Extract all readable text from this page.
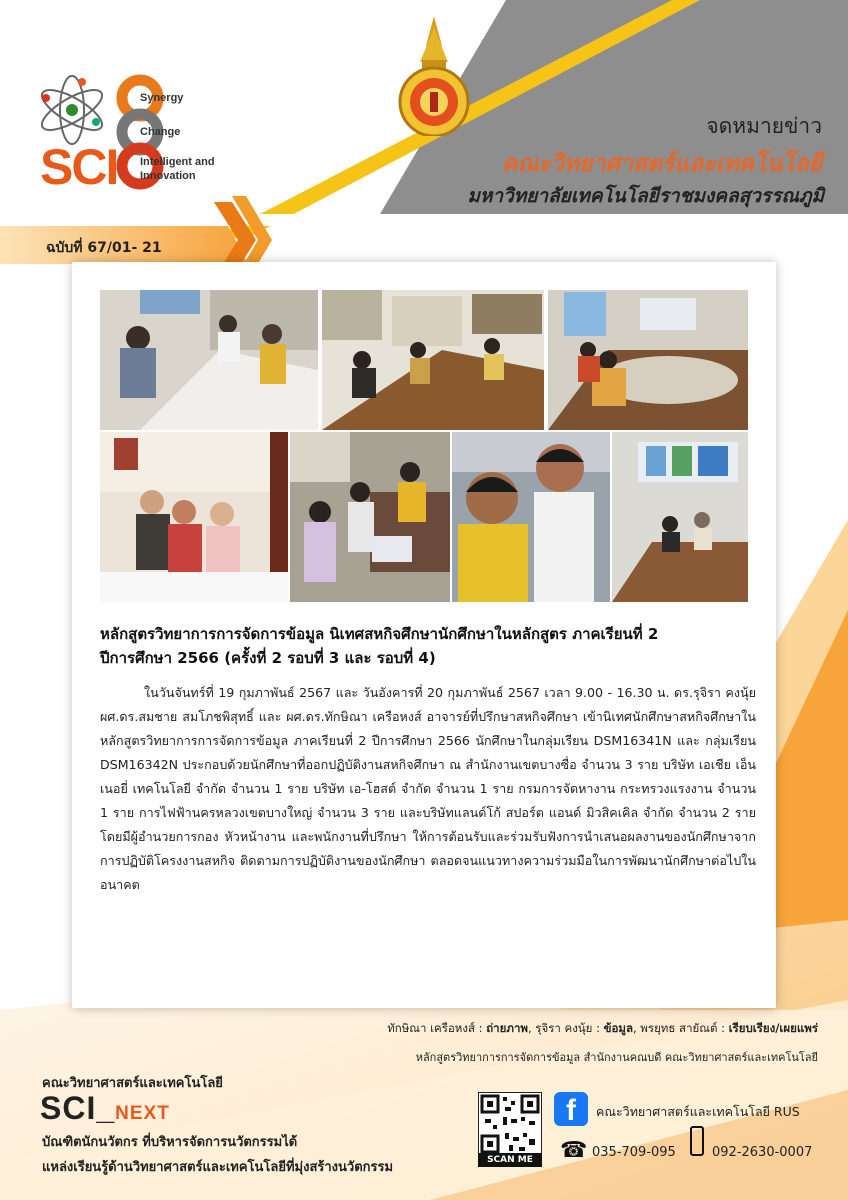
SCI
Synergy
Change
Intelligent and
Innovation
จดหมายข่าว
คณะวิทยาศาสตร์และเทคโนโลยี
มหาวิทยาลัยเทคโนโลยีราชมงคลสุวรรณภูมิ
ฉบับที่ 67/01- 21
หลักสูตรวิทยาการการจัดการข้อมูล นิเทศสหกิจศึกษานักศึกษาในหลักสูตร ภาคเรียนที่ 2
ปีการศึกษา 2566 (ครั้งที่ 2 รอบที่ 3 และ รอบที่ 4)
ในวันจันทร์ที่ 19 กุมภาพันธ์ 2567 และ วันอังคารที่ 20 กุมภาพันธ์ 2567 เวลา 9.00 - 16.30 น. ดร.รุจิรา คงนุ้ย ผศ.ดร.สมชาย สมโภชพิสุทธิ์ และ ผศ.ดร.ทักษิณา เครือหงส์ อาจารย์ที่ปรึกษาสหกิจศึกษา เข้านิเทศนักศึกษาสหกิจศึกษาในหลักสูตรวิทยาการการจัดการข้อมูล ภาคเรียนที่ 2 ปีการศึกษา 2566 นักศึกษาในกลุ่มเรียน DSM16341N และ กลุ่มเรียน DSM16342N ประกอบด้วยนักศึกษาที่ออกปฏิบัติงานสหกิจศึกษา ณ สำนักงานเขตบางซื่อ จำนวน 3 ราย บริษัท เอเชีย เอ็นเนอยี่ เทคโนโลยี จำกัด จำนวน 1 ราย บริษัท เอ-โฮสต์ จำกัด จำนวน 1 ราย กรมการจัดหางาน กระทรวงแรงงาน จำนวน 1 ราย การไฟฟ้านครหลวงเขตบางใหญ่ จำนวน 3 ราย และบริษัทแลนด์โก้ สปอร์ต แอนด์ มิวสิคเคิล จำกัด จำนวน 2 ราย โดยมีผู้อำนวยการกอง หัวหน้างาน และพนักงานที่ปรึกษา ให้การต้อนรับและร่วมรับฟังการนำเสนอผลงานของนักศึกษาจากการปฏิบัติโครงงานสหกิจ ติดตามการปฏิบัติงานของนักศึกษา ตลอดจนแนวทางความร่วมมือในการพัฒนานักศึกษาต่อไปในอนาคต
ทักษิณา เครือหงส์ : ถ่ายภาพ, รุจิรา คงนุ้ย : ข้อมูล, พรยุทธ สายัณต์ : เรียบเรียง/เผยแพร่
หลักสูตรวิทยาการการจัดการข้อมูล สำนักงานคณบดี คณะวิทยาศาสตร์และเทคโนโลยี
คณะวิทยาศาสตร์และเทคโนโลยี
SCI_NEXT
บัณฑิตนักนวัตกร ที่บริหารจัดการนวัตกรรมได้
แหล่งเรียนรู้ด้านวิทยาศาสตร์และเทคโนโลยีที่มุ่งสร้างนวัตกรรม	SCAN ME
f	คณะวิทยาศาสตร์และเทคโนโลยี RUS
☎ 035-709-095	092-2630-0007
